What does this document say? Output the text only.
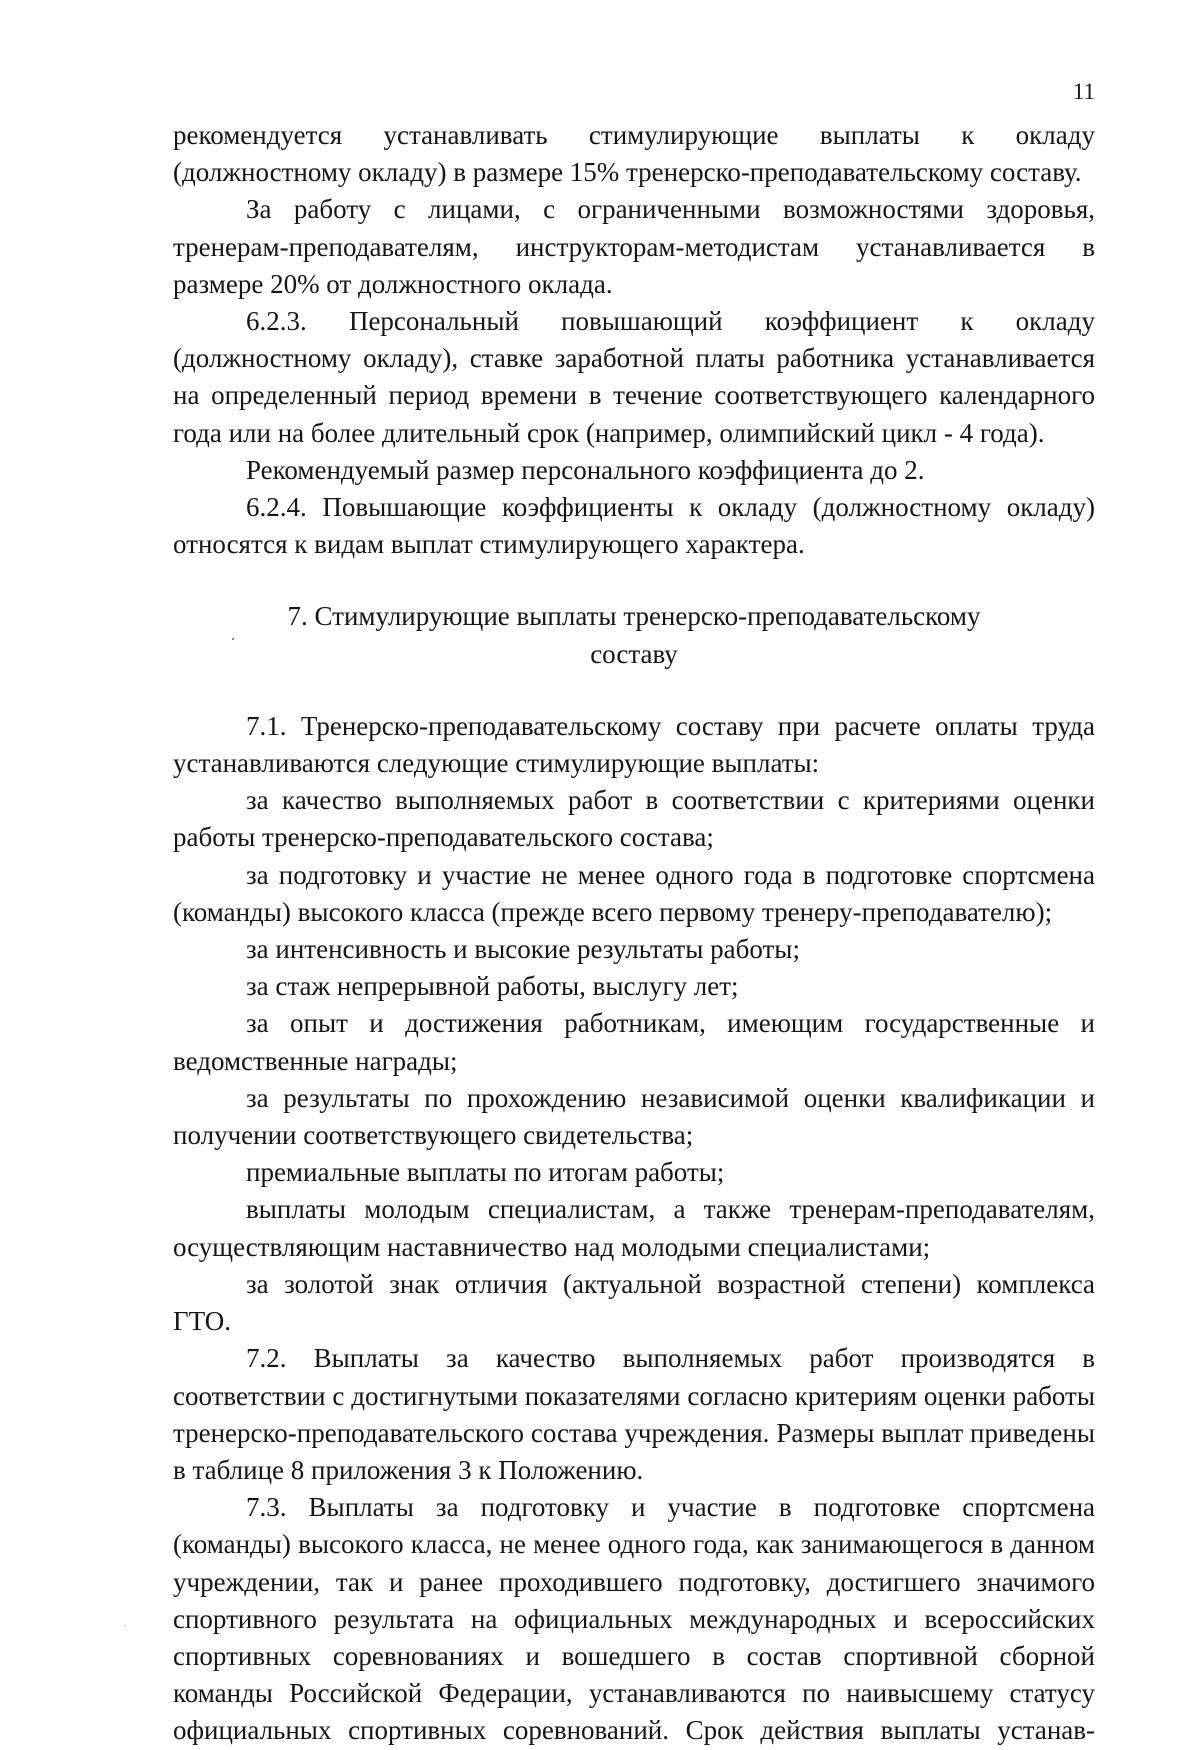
11

рекомендуется устанавливать стимулирующие выплаты к окладу (должностному окладу) в размере 15% тренерско-преподавательскому составу.

За работу с лицами, с ограниченными возможностями здоровья, тренерам-преподавателям, инструкторам-методистам устанавливается в размере 20% от должностного оклада.

6.2.3. Персональный повышающий коэффициент к окладу (должностному окладу), ставке заработной платы работника устанавливается на определенный период времени в течение соответствующего календарного года или на более длительный срок (например, олимпийский цикл - 4 года).

Рекомендуемый размер персонального коэффициента до 2.

6.2.4. Повышающие коэффициенты к окладу (должностному окладу) относятся к видам выплат стимулирующего характера.

7. Стимулирующие выплаты тренерско-преподавательскому
составу

7.1. Тренерско-преподавательскому составу при расчете оплаты труда устанавливаются следующие стимулирующие выплаты:

за качество выполняемых работ в соответствии с критериями оценки работы тренерско-преподавательского состава;

за подготовку и участие не менее одного года в подготовке спортсмена (команды) высокого класса (прежде всего первому тренеру-преподавателю);

за интенсивность и высокие результаты работы;

за стаж непрерывной работы, выслугу лет;

за опыт и достижения работникам, имеющим государственные и ведомственные награды;

за результаты по прохождению независимой оценки квалификации и получении соответствующего свидетельства;

премиальные выплаты по итогам работы;

выплаты молодым специалистам, а также тренерам-преподавателям, осуществляющим наставничество над молодыми специалистами;

за золотой знак отличия (актуальной возрастной степени) комплекса ГТО.

7.2. Выплаты за качество выполняемых работ производятся в соответствии с достигнутыми показателями согласно критериям оценки работы тренерско-преподавательского состава учреждения. Размеры выплат приведены в таблице 8 приложения 3 к Положению.

7.3. Выплаты за подготовку и участие в подготовке спортсмена (команды) высокого класса, не менее одного года, как занимающегося в данном учреждении, так и ранее проходившего подготовку, достигшего значимого спортивного результата на официальных международных и всероссийских спортивных соревнованиях и вошедшего в состав спортивной сборной команды Российской Федерации, устанавливаются по наивысшему статусу официальных спортивных соревнований. Срок действия выплаты устанав-
